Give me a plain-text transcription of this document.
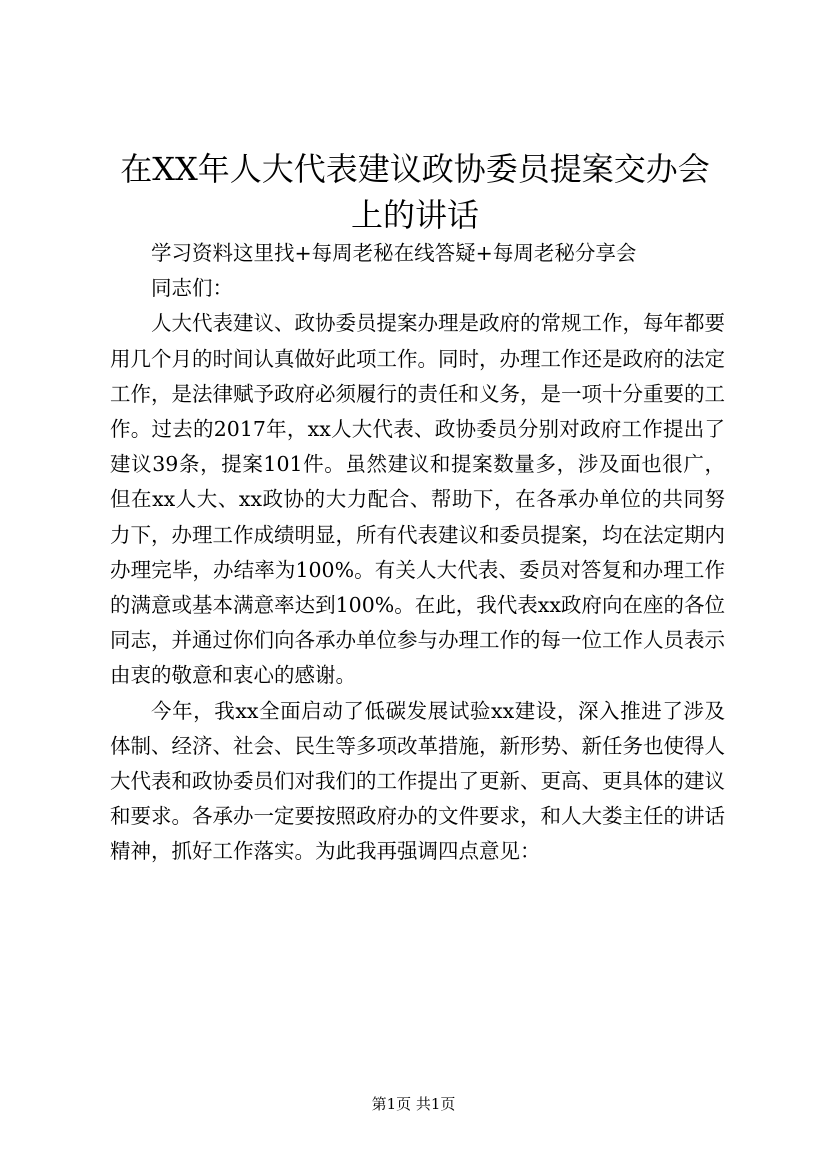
在XX年人大代表建议政协委员提案交办会上的讲话

学习资料这里找+每周老秘在线答疑+每周老秘分享会

同志们：

人大代表建议、政协委员提案办理是政府的常规工作，每年都要用几个月的时间认真做好此项工作。同时，办理工作还是政府的法定工作，是法律赋予政府必须履行的责任和义务，是一项十分重要的工作。过去的2017年，xx人大代表、政协委员分别对政府工作提出了建议39条，提案101件。虽然建议和提案数量多，涉及面也很广，但在xx人大、xx政协的大力配合、帮助下，在各承办单位的共同努力下，办理工作成绩明显，所有代表建议和委员提案，均在法定期内办理完毕，办结率为100%。有关人大代表、委员对答复和办理工作的满意或基本满意率达到100%。在此，我代表xx政府向在座的各位同志，并通过你们向各承办单位参与办理工作的每一位工作人员表示由衷的敬意和衷心的感谢。

今年，我xx全面启动了低碳发展试验xx建设，深入推进了涉及体制、经济、社会、民生等多项改革措施，新形势、新任务也使得人大代表和政协委员们对我们的工作提出了更新、更高、更具体的建议和要求。各承办一定要按照政府办的文件要求，和人大娄主任的讲话精神，抓好工作落实。为此我再强调四点意见：

第1页 共1页
